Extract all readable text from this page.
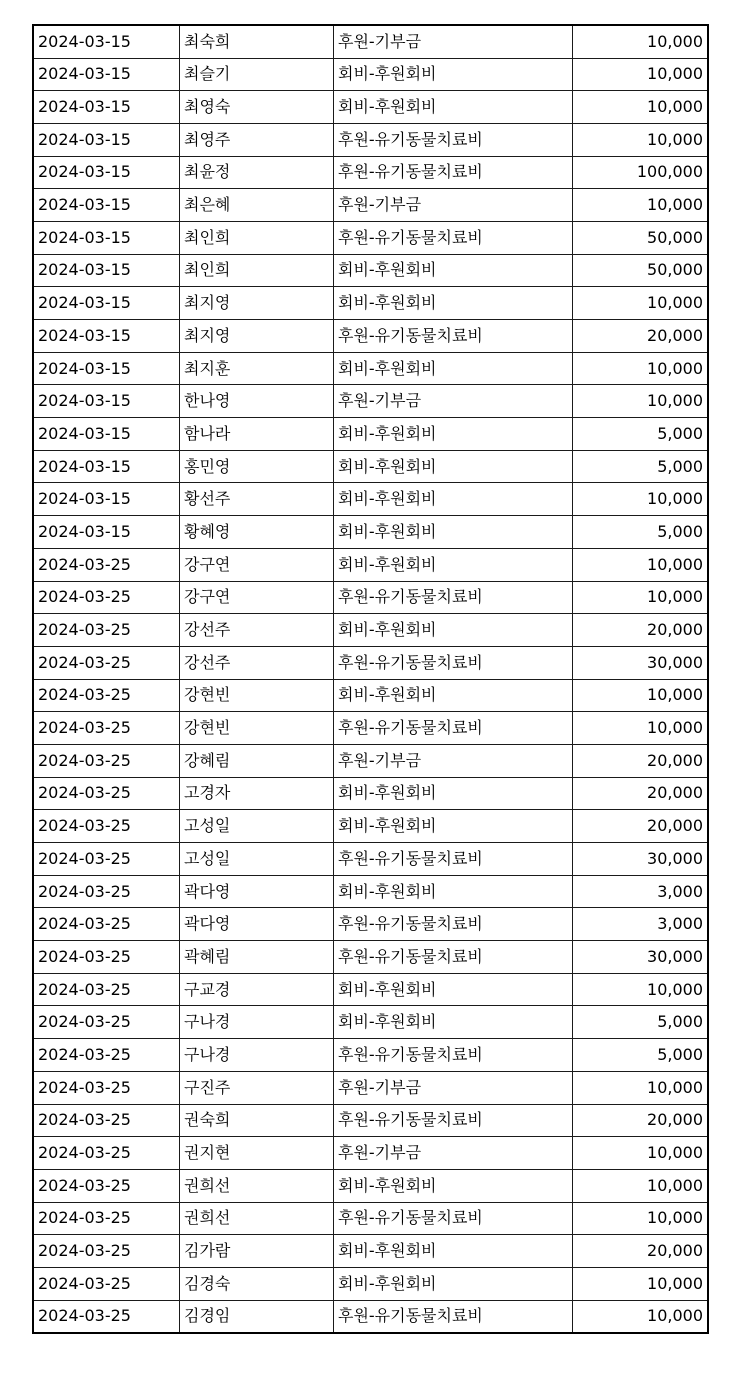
2024-03-15	최숙희	후원-기부금	10,000
2024-03-15	최슬기	회비-후원회비	10,000
2024-03-15	최영숙	회비-후원회비	10,000
2024-03-15	최영주	후원-유기동물치료비	10,000
2024-03-15	최윤정	후원-유기동물치료비	100,000
2024-03-15	최은혜	후원-기부금	10,000
2024-03-15	최인희	후원-유기동물치료비	50,000
2024-03-15	최인희	회비-후원회비	50,000
2024-03-15	최지영	회비-후원회비	10,000
2024-03-15	최지영	후원-유기동물치료비	20,000
2024-03-15	최지훈	회비-후원회비	10,000
2024-03-15	한나영	후원-기부금	10,000
2024-03-15	함나라	회비-후원회비	5,000
2024-03-15	홍민영	회비-후원회비	5,000
2024-03-15	황선주	회비-후원회비	10,000
2024-03-15	황혜영	회비-후원회비	5,000
2024-03-25	강구연	회비-후원회비	10,000
2024-03-25	강구연	후원-유기동물치료비	10,000
2024-03-25	강선주	회비-후원회비	20,000
2024-03-25	강선주	후원-유기동물치료비	30,000
2024-03-25	강현빈	회비-후원회비	10,000
2024-03-25	강현빈	후원-유기동물치료비	10,000
2024-03-25	강혜림	후원-기부금	20,000
2024-03-25	고경자	회비-후원회비	20,000
2024-03-25	고성일	회비-후원회비	20,000
2024-03-25	고성일	후원-유기동물치료비	30,000
2024-03-25	곽다영	회비-후원회비	3,000
2024-03-25	곽다영	후원-유기동물치료비	3,000
2024-03-25	곽혜림	후원-유기동물치료비	30,000
2024-03-25	구교경	회비-후원회비	10,000
2024-03-25	구나경	회비-후원회비	5,000
2024-03-25	구나경	후원-유기동물치료비	5,000
2024-03-25	구진주	후원-기부금	10,000
2024-03-25	권숙희	후원-유기동물치료비	20,000
2024-03-25	권지현	후원-기부금	10,000
2024-03-25	권희선	회비-후원회비	10,000
2024-03-25	권희선	후원-유기동물치료비	10,000
2024-03-25	김가람	회비-후원회비	20,000
2024-03-25	김경숙	회비-후원회비	10,000
2024-03-25	김경임	후원-유기동물치료비	10,000
